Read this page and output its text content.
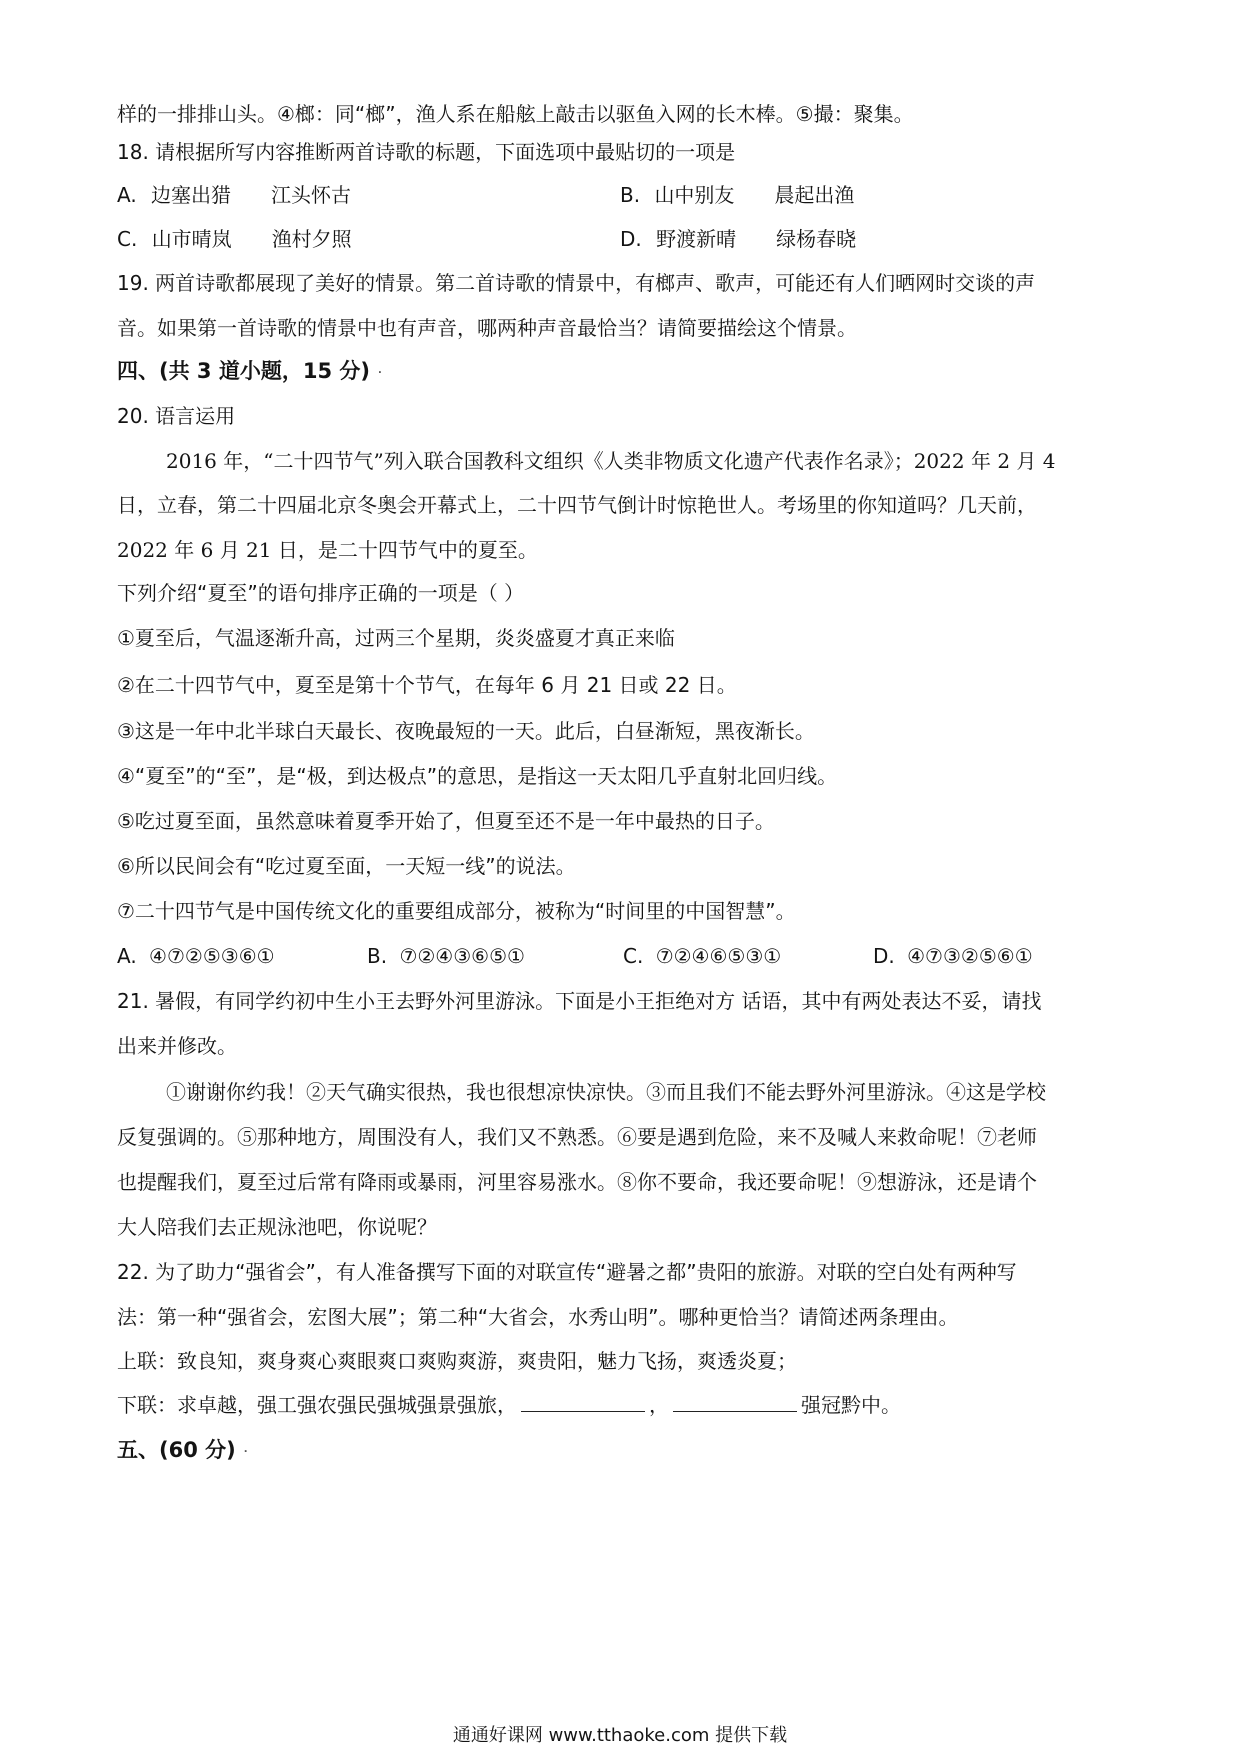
样的一排排山头。④榔：同“榔”，渔人系在船舷上敲击以驱鱼入网的长木棒。⑤撮：聚集。
18. 请根据所写内容推断两首诗歌的标题，下面选项中最贴切的一项是
A. 边塞出猎 江头怀古	B. 山中别友 晨起出渔
C. 山市晴岚 渔村夕照	D. 野渡新晴 绿杨春晓
19. 两首诗歌都展现了美好的情景。第二首诗歌的情景中，有榔声、歌声，可能还有人们晒网时交谈的声
音。如果第一首诗歌的情景中也有声音，哪两种声音最恰当？请简要描绘这个情景。
四、(共 3 道小题，15 分) .
20. 语言运用
2016 年，“二十四节气”列入联合国教科文组织《人类非物质文化遗产代表作名录》；2022 年 2 月 4
日，立春，第二十四届北京冬奥会开幕式上，二十四节气倒计时惊艳世人。考场里的你知道吗？几天前，
2022 年 6 月 21 日，是二十四节气中的夏至。
下列介绍“夏至”的语句排序正确的一项是（ ）
①夏至后，气温逐渐升高，过两三个星期，炎炎盛夏才真正来临
②在二十四节气中，夏至是第十个节气，在每年 6 月 21 日或 22 日。
③这是一年中北半球白天最长、夜晚最短的一天。此后，白昼渐短，黑夜渐长。
④“夏至”的“至”，是“极，到达极点”的意思，是指这一天太阳几乎直射北回归线。
⑤吃过夏至面，虽然意味着夏季开始了，但夏至还不是一年中最热的日子。
⑥所以民间会有“吃过夏至面，一天短一线”的说法。
⑦二十四节气是中国传统文化的重要组成部分，被称为“时间里的中国智慧”。
A. ④⑦②⑤③⑥①	B. ⑦②④③⑥⑤①	C. ⑦②④⑥⑤③①	D. ④⑦③②⑤⑥①
21. 暑假，有同学约初中生小王去野外河里游泳。下面是小王拒绝对方 话语，其中有两处表达不妥，请找
出来并修改。
①谢谢你约我！②天气确实很热，我也很想凉快凉快。③而且我们不能去野外河里游泳。④这是学校
反复强调的。⑤那种地方，周围没有人，我们又不熟悉。⑥要是遇到危险，来不及喊人来救命呢！⑦老师
也提醒我们，夏至过后常有降雨或暴雨，河里容易涨水。⑧你不要命，我还要命呢！⑨想游泳，还是请个
大人陪我们去正规泳池吧，你说呢？
22. 为了助力“强省会”，有人准备撰写下面的对联宣传“避暑之都”贵阳的旅游。对联的空白处有两种写
法：第一种“强省会，宏图大展”；第二种“大省会，水秀山明”。哪种更恰当？请简述两条理由。
上联：致良知，爽身爽心爽眼爽口爽购爽游，爽贵阳，魅力飞扬，爽透炎夏；
下联：求卓越，强工强农强民强城强景强旅，	，	强冠黔中。
五、(60 分) .
通通好课网 www.tthaoke.com 提供下载
